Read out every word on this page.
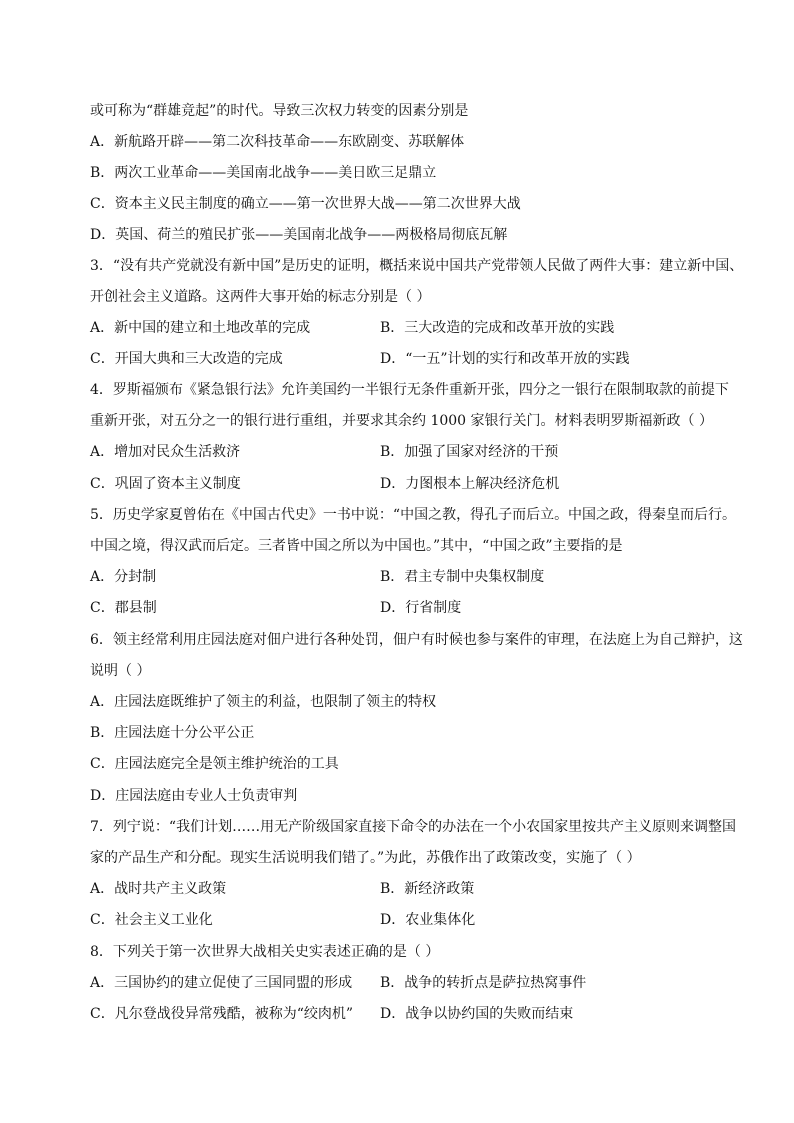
或可称为“群雄竞起”的时代。导致三次权力转变的因素分别是
A．新航路开辟——第二次科技革命——东欧剧变、苏联解体
B．两次工业革命——美国南北战争——美日欧三足鼎立
C．资本主义民主制度的确立——第一次世界大战——第二次世界大战
D．英国、荷兰的殖民扩张——美国南北战争——两极格局彻底瓦解
3．“没有共产党就没有新中国”是历史的证明，概括来说中国共产党带领人民做了两件大事：建立新中国、
开创社会主义道路。这两件大事开始的标志分别是（ ）
A．新中国的建立和土地改革的完成	B．三大改造的完成和改革开放的实践
C．开国大典和三大改造的完成	D．“一五”计划的实行和改革开放的实践
4．罗斯福颁布《紧急银行法》允许美国约一半银行无条件重新开张，四分之一银行在限制取款的前提下
重新开张，对五分之一的银行进行重组，并要求其余约 1000 家银行关门。材料表明罗斯福新政（ ）
A．增加对民众生活救济	B．加强了国家对经济的干预
C．巩固了资本主义制度	D．力图根本上解决经济危机
5．历史学家夏曾佑在《中国古代史》一书中说：“中国之教，得孔子而后立。中国之政，得秦皇而后行。
中国之境，得汉武而后定。三者皆中国之所以为中国也。”其中，“中国之政”主要指的是
A．分封制	B．君主专制中央集权制度
C．郡县制	D．行省制度
6．领主经常利用庄园法庭对佃户进行各种处罚，佃户有时候也参与案件的审理，在法庭上为自己辩护，这
说明（ ）
A．庄园法庭既维护了领主的利益，也限制了领主的特权
B．庄园法庭十分公平公正
C．庄园法庭完全是领主维护统治的工具
D．庄园法庭由专业人士负责审判
7．列宁说：“我们计划……用无产阶级国家直接下命令的办法在一个小农国家里按共产主义原则来调整国
家的产品生产和分配。现实生活说明我们错了。”为此，苏俄作出了政策改变，实施了（ ）
A．战时共产主义政策	B．新经济政策
C．社会主义工业化	D．农业集体化
8．下列关于第一次世界大战相关史实表述正确的是（ ）
A．三国协约的建立促使了三国同盟的形成 B．战争的转折点是萨拉热窝事件
C．凡尔登战役异常残酷，被称为“绞肉机” D．战争以协约国的失败而结束
